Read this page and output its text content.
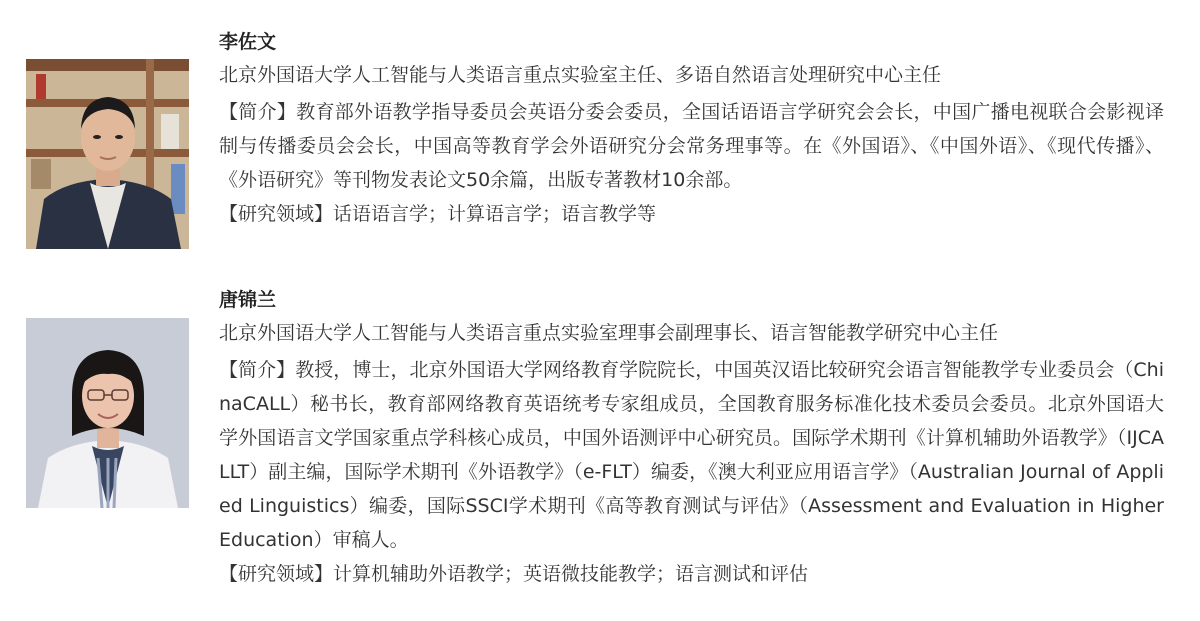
李佐文

北京外国语大学人工智能与人类语言重点实验室主任、多语自然语言处理研究中心主任

【简介】教育部外语教学指导委员会英语分委会委员，全国话语语言学研究会会长，中国广播电视联合会影视译制与传播委员会会长，中国高等教育学会外语研究分会常务理事等。在《外国语》、《中国外语》、《现代传播》、《外语研究》等刊物发表论文50余篇，出版专著教材10余部。

【研究领域】话语语言学；计算语言学；语言教学等

唐锦兰

北京外国语大学人工智能与人类语言重点实验室理事会副理事长、语言智能教学研究中心主任

【简介】教授，博士，北京外国语大学网络教育学院院长，中国英汉语比较研究会语言智能教学专业委员会（ChinaCALL）秘书长，教育部网络教育英语统考专家组成员，全国教育服务标准化技术委员会委员。北京外国语大学外国语言文学国家重点学科核心成员，中国外语测评中心研究员。国际学术期刊《计算机辅助外语教学》（IJCALLT）副主编，国际学术期刊《外语教学》（e-FLT）编委，《澳大利亚应用语言学》（Australian Journal of Applied Linguistics）编委，国际SSCI学术期刊《高等教育测试与评估》（Assessment and Evaluation in Higher Education）审稿人。

【研究领域】计算机辅助外语教学；英语微技能教学；语言测试和评估
